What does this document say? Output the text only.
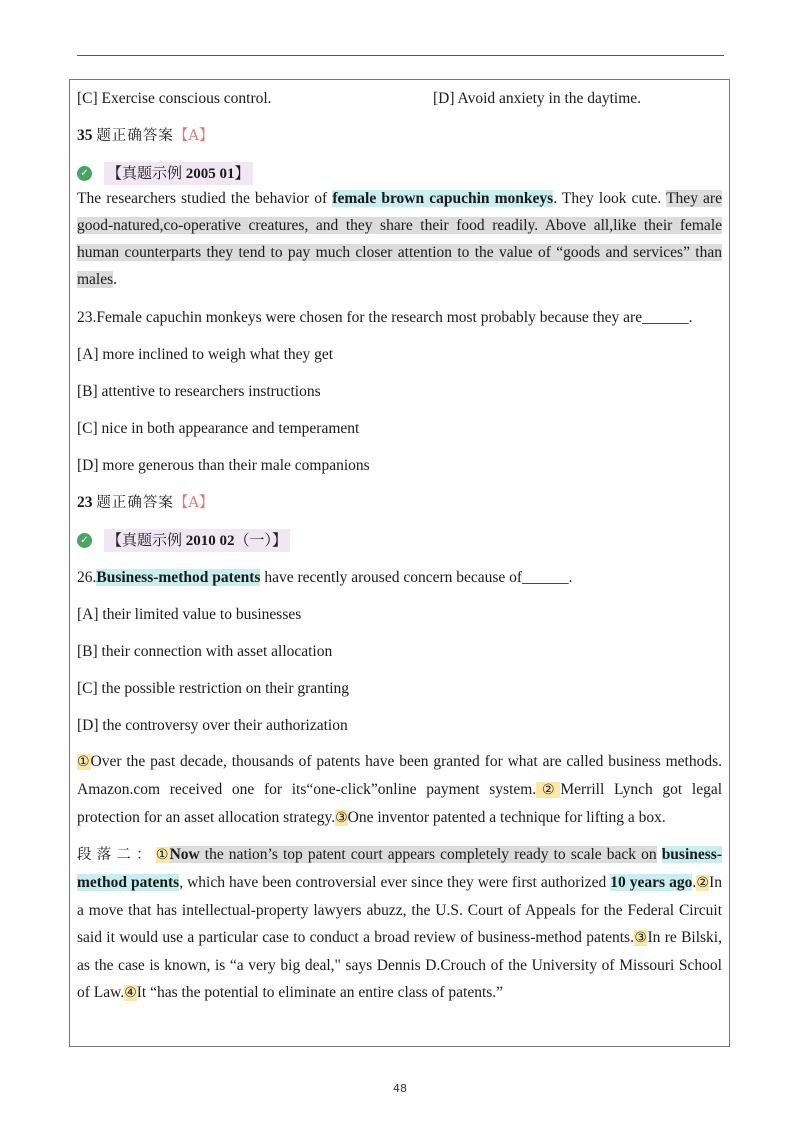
[C] Exercise conscious control.	[D] Avoid anxiety in the daytime.

35 题正确答案【A】

✓ 【真题示例 2005 01】

The researchers studied the behavior of female brown capuchin monkeys. They look cute. They are good-natured,co-operative creatures, and they share their food readily. Above all,like their female human counterparts they tend to pay much closer attention to the value of “goods and services” than males.

23.Female capuchin monkeys were chosen for the research most probably because they are______.

[A] more inclined to weigh what they get

[B] attentive to researchers instructions

[C] nice in both appearance and temperament

[D] more generous than their male companions

23 题正确答案【A】

✓ 【真题示例 2010 02（一）】

26.Business-method patents have recently aroused concern because of______.

[A] their limited value to businesses

[B] their connection with asset allocation

[C] the possible restriction on their granting

[D] the controversy over their authorization

①Over the past decade, thousands of patents have been granted for what are called business methods. Amazon.com received one for its“one-click”online payment system.②Merrill Lynch got legal protection for an asset allocation strategy.③One inventor patented a technique for lifting a box.

段落二：①Now the nation’s top patent court appears completely ready to scale back on business-method patents, which have been controversial ever since they were first authorized 10 years ago.②In a move that has intellectual-property lawyers abuzz, the U.S. Court of Appeals for the Federal Circuit said it would use a particular case to conduct a broad review of business-method patents.③In re Bilski, as the case is known, is “a very big deal," says Dennis D.Crouch of the University of Missouri School of Law.④It “has the potential to eliminate an entire class of patents.”

48
